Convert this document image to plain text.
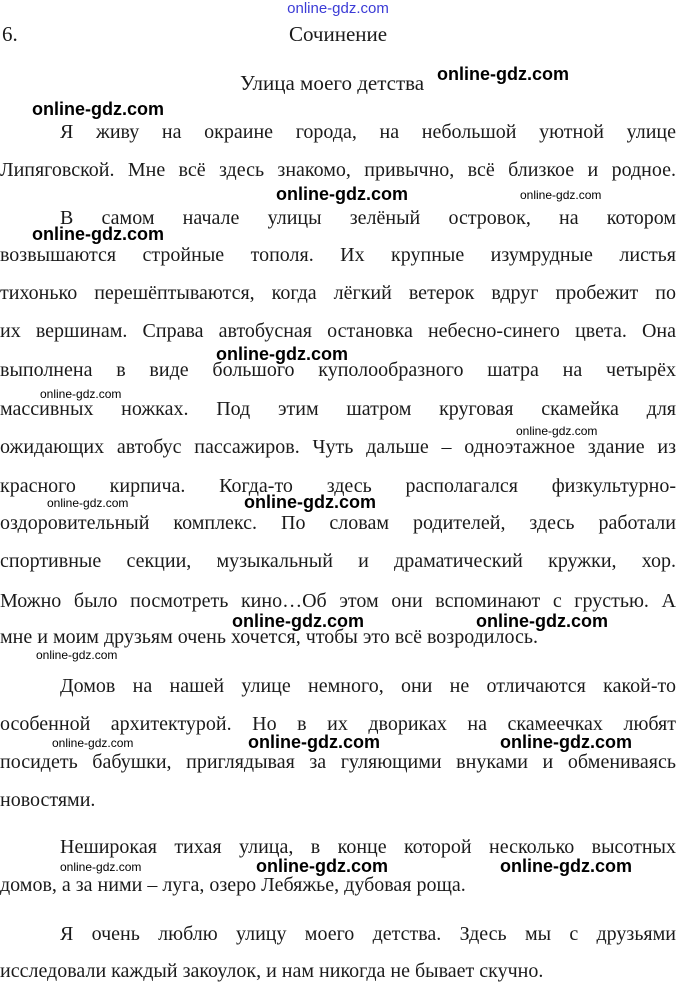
online-gdz.com
6.	Сочинение
Улица моего детства
Я живу на окраине города, на небольшой уютной улице
Липяговской. Мне всё здесь знакомо, привычно, всё близкое и родное.
В самом начале улицы зелёный островок, на котором
возвышаются стройные тополя. Их крупные изумрудные листья
тихонько перешёптываются, когда лёгкий ветерок вдруг пробежит по
их вершинам. Справа автобусная остановка небесно-синего цвета. Она
выполнена в виде большого куполообразного шатра на четырёх
массивных ножках. Под этим шатром круговая скамейка для
ожидающих автобус пассажиров. Чуть дальше – одноэтажное здание из
красного кирпича. Когда-то здесь располагался физкультурно-
оздоровительный комплекс. По словам родителей, здесь работали
спортивные секции, музыкальный и драматический кружки, хор.
Можно было посмотреть кино…Об этом они вспоминают с грустью. А
мне и моим друзьям очень хочется, чтобы это всё возродилось.
Домов на нашей улице немного, они не отличаются какой-то
особенной архитектурой. Но в их двориках на скамеечках любят
посидеть бабушки, приглядывая за гуляющими внуками и обмениваясь
новостями.
Неширокая тихая улица, в конце которой несколько высотных
домов, а за ними – луга, озеро Лебяжье, дубовая роща.
Я очень люблю улицу моего детства. Здесь мы с друзьями
исследовали каждый закоулок, и нам никогда не бывает скучно.
online-gdz.com
online-gdz.com
online-gdz.com	online-gdz.com
online-gdz.com
online-gdz.com
online-gdz.com
online-gdz.com
online-gdz.com	online-gdz.com
online-gdz.com	online-gdz.com
online-gdz.com
online-gdz.com	online-gdz.com	online-gdz.com
online-gdz.com	online-gdz.com	online-gdz.com
